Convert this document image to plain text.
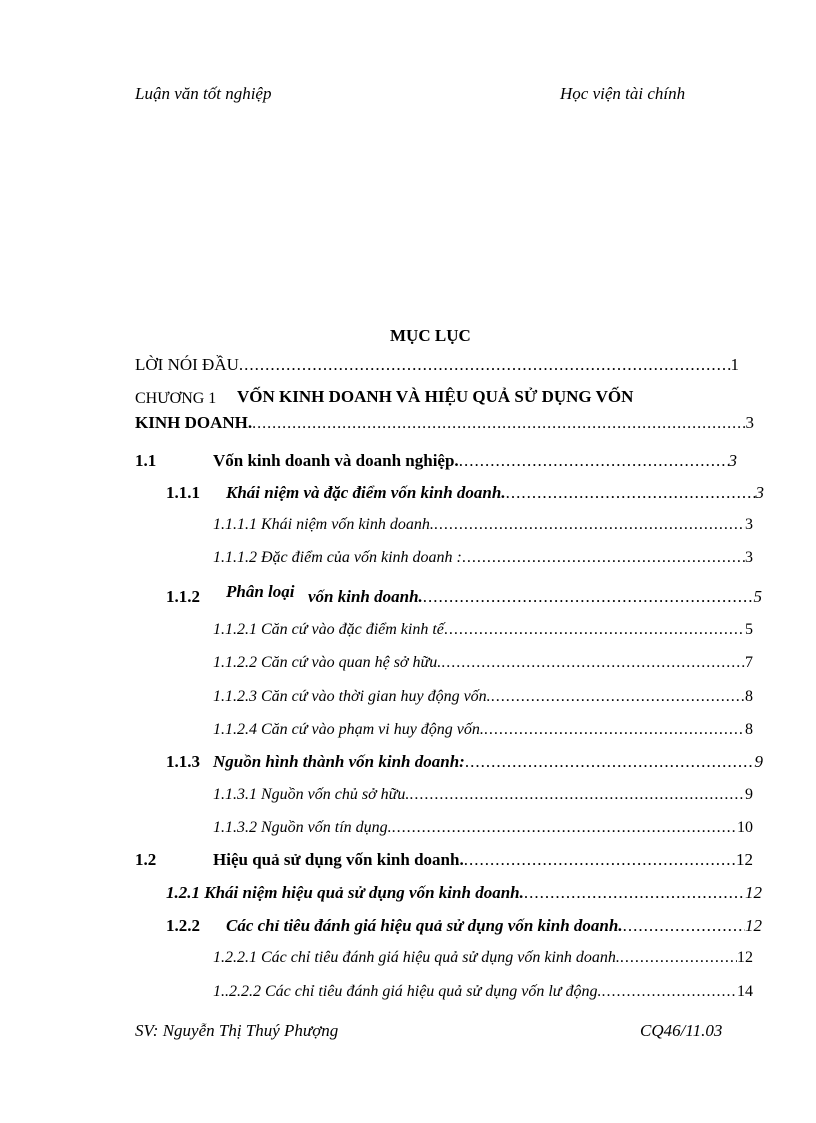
Luận văn tốt nghiệp	Học viện tài chính
MỤC LỤC
LỜI NÓI ĐẦU .....	1
CHƯƠNG 1 VỐN KINH DOANH VÀ HIỆU QUẢ SỬ DỤNG VỐN
KINH DOANH. .....	3
1.1	Vốn kinh doanh và doanh nghiệp. .....	3
1.1.1 Khái niệm và đặc điểm vốn kinh doanh. .....	3
1.1.1.1 Khái niệm vốn kinh doanh. .....	3
1.1.1.2 Đặc điểm của vốn kinh doanh : .....	3
1.1.2 Phân loại vốn kinh doanh. .....	5
1.1.2.1 Căn cứ vào đặc điểm kinh tế .....	5
1.1.2.2 Căn cứ vào quan hệ sở hữu. .....	7
1.1.2.3 Căn cứ vào thời gian huy động vốn. .....	8
1.1.2.4 Căn cứ vào phạm vi huy động vốn. .....	8
1.1.3 Nguồn hình thành vốn kinh doanh: .....	9
1.1.3.1 Nguồn vốn chủ sở hữu. .....	9
1.1.3.2 Nguồn vốn tín dụng. .....	10
1.2	Hiệu quả sử dụng vốn kinh doanh. .....	12
1.2.1 Khái niệm hiệu quả sử dụng vốn kinh doanh. .....	12
1.2.2 Các chỉ tiêu đánh giá hiệu quả sử dụng vốn kinh doanh. .....	12
1.2.2.1 Các chỉ tiêu đánh giá hiệu quả sử dụng vốn kinh doanh. .....	12
1..2.2.2 Các chỉ tiêu đánh giá hiệu quả sử dụng vốn lư động. .....	14
SV: Nguyễn Thị Thuý Phượng	CQ46/11.03
